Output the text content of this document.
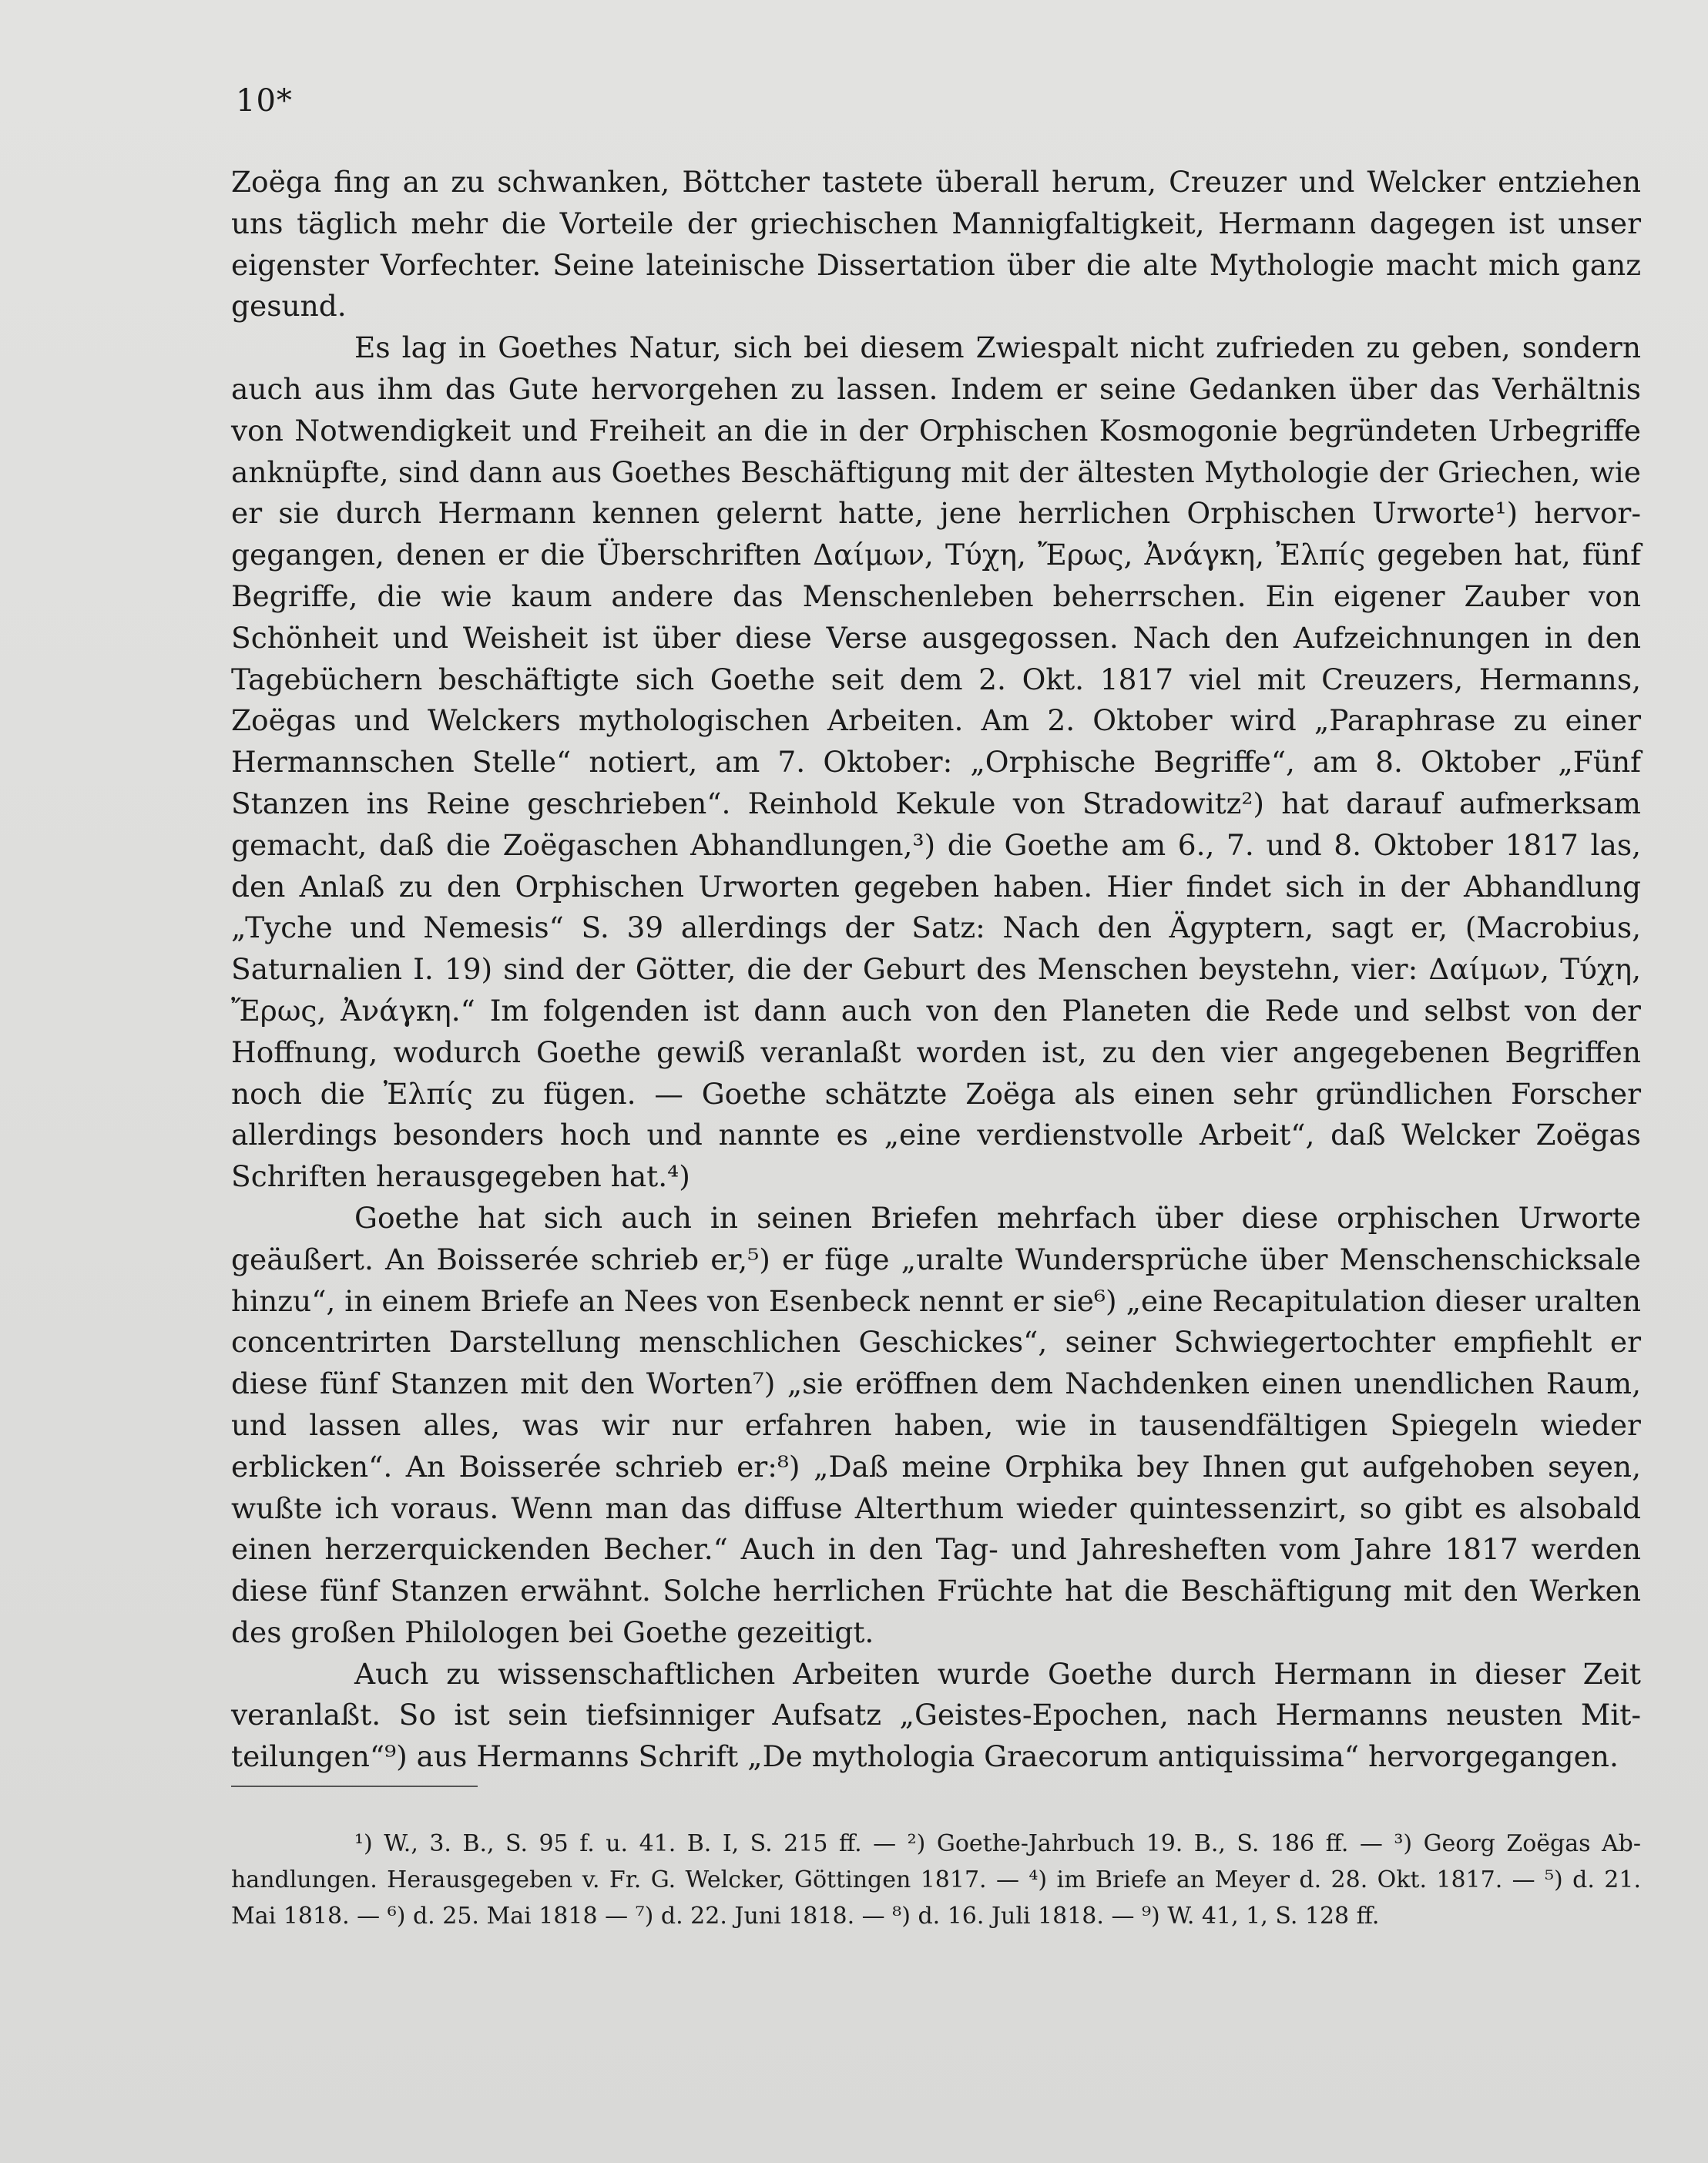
10*

Zoëga fing an zu schwanken, Böttcher tastete überall herum, Creuzer und Welcker entziehen uns täglich mehr die Vorteile der griechischen Mannigfaltigkeit, Hermann dagegen ist unser eigenster Vorfechter. Seine lateinische Dissertation über die alte Mythologie macht mich ganz gesund.

Es lag in Goethes Natur, sich bei diesem Zwiespalt nicht zufrieden zu geben, sondern auch aus ihm das Gute hervorgehen zu lassen. Indem er seine Gedanken über das Verhältnis von Notwendigkeit und Freiheit an die in der Orphischen Kosmogonie begründeten Urbegriffe anknüpfte, sind dann aus Goethes Beschäftigung mit der ältesten Mythologie der Griechen, wie er sie durch Hermann kennen gelernt hatte, jene herrlichen Orphischen Urworte¹) hervor-gegangen, denen er die Überschriften Δαίμων, Τύχη, Ἔρως, Ἀνάγκη, Ἐλπίς gegeben hat, fünf Begriffe, die wie kaum andere das Menschenleben beherrschen. Ein eigener Zauber von Schönheit und Weisheit ist über diese Verse ausgegossen. Nach den Aufzeichnungen in den Tagebüchern beschäftigte sich Goethe seit dem 2. Okt. 1817 viel mit Creuzers, Hermanns, Zoëgas und Welckers mythologischen Arbeiten. Am 2. Oktober wird „Paraphrase zu einer Hermannschen Stelle“ notiert, am 7. Oktober: „Orphische Begriffe“, am 8. Oktober „Fünf Stanzen ins Reine geschrieben“. Reinhold Kekule von Stradowitz²) hat darauf aufmerksam gemacht, daß die Zoëgaschen Abhandlungen,³) die Goethe am 6., 7. und 8. Oktober 1817 las, den Anlaß zu den Orphischen Urworten gegeben haben. Hier findet sich in der Abhandlung „Tyche und Nemesis“ S. 39 allerdings der Satz: Nach den Ägyptern, sagt er, (Macrobius, Saturnalien I. 19) sind der Götter, die der Geburt des Menschen beystehn, vier: Δαίμων, Τύχη, Ἔρως, Ἀνάγκη.“ Im folgenden ist dann auch von den Planeten die Rede und selbst von der Hoffnung, wodurch Goethe gewiß veranlaßt worden ist, zu den vier angegebenen Begriffen noch die Ἐλπίς zu fügen. — Goethe schätzte Zoëga als einen sehr gründlichen Forscher allerdings besonders hoch und nannte es „eine verdienstvolle Arbeit“, daß Welcker Zoëgas Schriften herausgegeben hat.⁴)

Goethe hat sich auch in seinen Briefen mehrfach über diese orphischen Urworte geäußert. An Boisserée schrieb er,⁵) er füge „uralte Wundersprüche über Menschenschicksale hinzu“, in einem Briefe an Nees von Esenbeck nennt er sie⁶) „eine Recapitulation dieser uralten concentrirten Darstellung menschlichen Geschickes“, seiner Schwiegertochter empfiehlt er diese fünf Stanzen mit den Worten⁷) „sie eröffnen dem Nachdenken einen unendlichen Raum, und lassen alles, was wir nur erfahren haben, wie in tausendfältigen Spiegeln wieder erblicken“. An Boisserée schrieb er:⁸) „Daß meine Orphika bey Ihnen gut aufgehoben seyen, wußte ich voraus. Wenn man das diffuse Alterthum wieder quintessenzirt, so gibt es alsobald einen herzerquickenden Becher.“ Auch in den Tag- und Jahresheften vom Jahre 1817 werden diese fünf Stanzen erwähnt. Solche herrlichen Früchte hat die Beschäftigung mit den Werken des großen Philologen bei Goethe gezeitigt.

Auch zu wissenschaftlichen Arbeiten wurde Goethe durch Hermann in dieser Zeit veranlaßt. So ist sein tiefsinniger Aufsatz „Geistes-Epochen, nach Hermanns neusten Mit-teilungen“⁹) aus Hermanns Schrift „De mythologia Graecorum antiquissima“ hervorgegangen.

¹) W., 3. B., S. 95 f. u. 41. B. I, S. 215 ff. — ²) Goethe-Jahrbuch 19. B., S. 186 ff. — ³) Georg Zoëgas Ab-handlungen. Herausgegeben v. Fr. G. Welcker, Göttingen 1817. — ⁴) im Briefe an Meyer d. 28. Okt. 1817. — ⁵) d. 21. Mai 1818. — ⁶) d. 25. Mai 1818 — ⁷) d. 22. Juni 1818. — ⁸) d. 16. Juli 1818. — ⁹) W. 41, 1, S. 128 ff.
